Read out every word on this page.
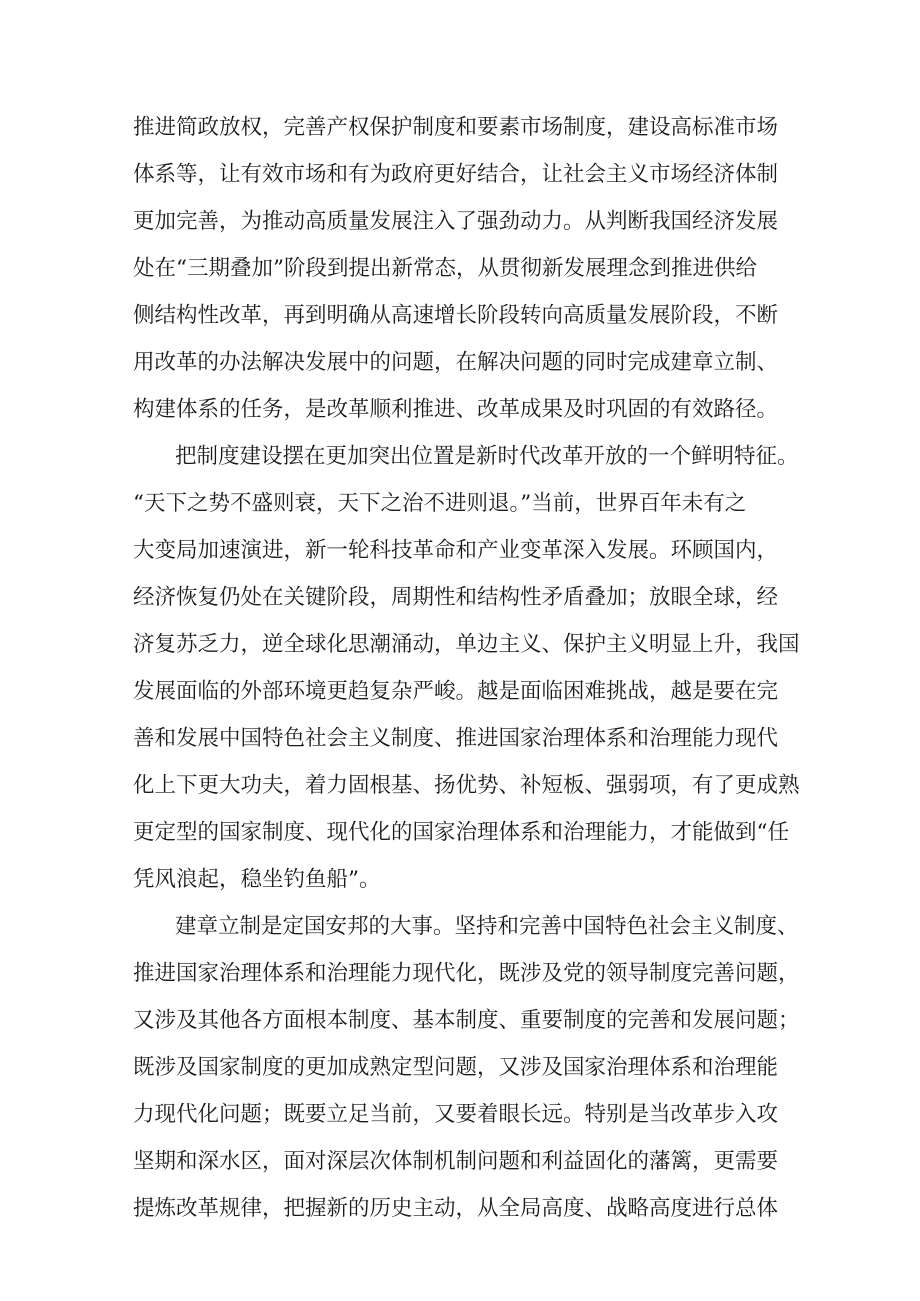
推进简政放权，完善产权保护制度和要素市场制度，建设高标准市场
体系等，让有效市场和有为政府更好结合，让社会主义市场经济体制
更加完善，为推动高质量发展注入了强劲动力。从判断我国经济发展
处在“三期叠加”阶段到提出新常态，从贯彻新发展理念到推进供给
侧结构性改革，再到明确从高速增长阶段转向高质量发展阶段，不断
用改革的办法解决发展中的问题，在解决问题的同时完成建章立制、
构建体系的任务，是改革顺利推进、改革成果及时巩固的有效路径。
把制度建设摆在更加突出位置是新时代改革开放的一个鲜明特征。
“天下之势不盛则衰，天下之治不进则退。”当前，世界百年未有之
大变局加速演进，新一轮科技革命和产业变革深入发展。环顾国内，
经济恢复仍处在关键阶段，周期性和结构性矛盾叠加；放眼全球，经
济复苏乏力，逆全球化思潮涌动，单边主义、保护主义明显上升，我国
发展面临的外部环境更趋复杂严峻。越是面临困难挑战，越是要在完
善和发展中国特色社会主义制度、推进国家治理体系和治理能力现代
化上下更大功夫，着力固根基、扬优势、补短板、强弱项，有了更成熟
更定型的国家制度、现代化的国家治理体系和治理能力，才能做到“任
凭风浪起，稳坐钓鱼船”。
建章立制是定国安邦的大事。坚持和完善中国特色社会主义制度、
推进国家治理体系和治理能力现代化，既涉及党的领导制度完善问题，
又涉及其他各方面根本制度、基本制度、重要制度的完善和发展问题；
既涉及国家制度的更加成熟定型问题，又涉及国家治理体系和治理能
力现代化问题；既要立足当前，又要着眼长远。特别是当改革步入攻
坚期和深水区，面对深层次体制机制问题和利益固化的藩篱，更需要
提炼改革规律，把握新的历史主动，从全局高度、战略高度进行总体
